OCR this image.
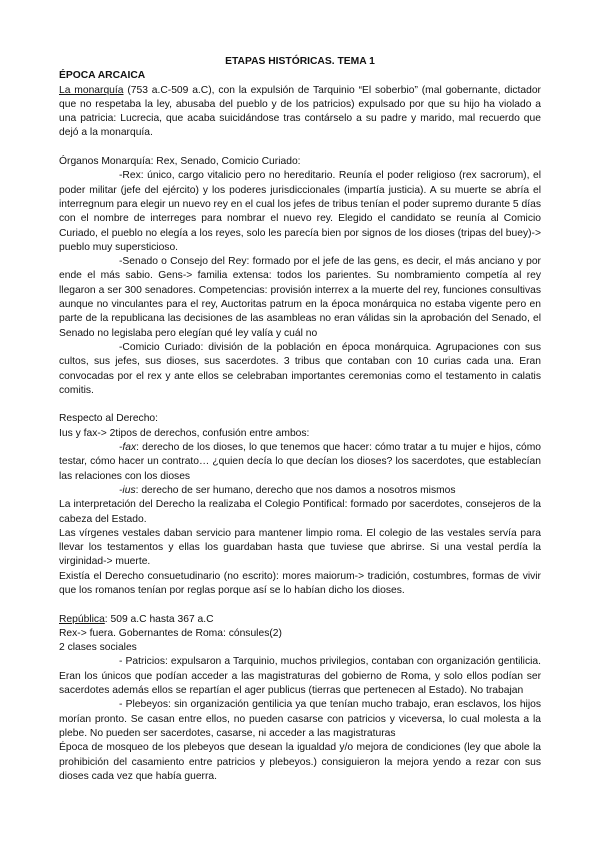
ETAPAS HISTÓRICAS. TEMA 1

ÉPOCA ARCAICA

La monarquía (753 a.C-509 a.C), con la expulsión de Tarquinio “El soberbio” (mal gobernante, dictador que no respetaba la ley, abusaba del pueblo y de los patricios) expulsado por que su hijo ha violado a una patricia: Lucrecia, que acaba suicidándose tras contárselo a su padre y marido, mal recuerdo que dejó a la monarquía.

Órganos Monarquía: Rex, Senado, Comicio Curiado:

-Rex: único, cargo vitalicio pero no hereditario. Reunía el poder religioso (rex sacrorum), el poder militar (jefe del ejército) y los poderes jurisdiccionales (impartía justicia). A su muerte se abría el interregnum para elegir un nuevo rey en el cual los jefes de tribus tenían el poder supremo durante 5 días con el nombre de interreges para nombrar el nuevo rey. Elegido el candidato se reunía al Comicio Curiado, el pueblo no elegía a los reyes, solo les parecía bien por signos de los dioses (tripas del buey)-> pueblo muy supersticioso.

-Senado o Consejo del Rey: formado por el jefe de las gens, es decir, el más anciano y por ende el más sabio. Gens-> familia extensa: todos los parientes. Su nombramiento competía al rey llegaron a ser 300 senadores. Competencias: provisión interrex a la muerte del rey, funciones consultivas aunque no vinculantes para el rey, Auctoritas patrum en la época monárquica no estaba vigente pero en parte de la republicana las decisiones de las asambleas no eran válidas sin la aprobación del Senado, el Senado no legislaba pero elegían qué ley valía y cuál no

-Comicio Curiado: división de la población en época monárquica. Agrupaciones con sus cultos, sus jefes, sus dioses, sus sacerdotes. 3 tribus que contaban con 10 curias cada una. Eran convocadas por el rex y ante ellos se celebraban importantes ceremonias como el testamento in calatis comitis.

Respecto al Derecho:

Ius y fax-> 2tipos de derechos, confusión entre ambos:

-fax: derecho de los dioses, lo que tenemos que hacer: cómo tratar a tu mujer e hijos, cómo testar, cómo hacer un contrato… ¿quien decía lo que decían los dioses? los sacerdotes, que establecían las relaciones con los dioses

-ius: derecho de ser humano, derecho que nos damos a nosotros mismos

La interpretación del Derecho la realizaba el Colegio Pontifical: formado por sacerdotes, consejeros de la cabeza del Estado.

Las vírgenes vestales daban servicio para mantener limpio roma. El colegio de las vestales servía para llevar los testamentos y ellas los guardaban hasta que tuviese que abrirse. Si una vestal perdía la virginidad-> muerte.

Existía el Derecho consuetudinario (no escrito): mores maiorum-> tradición, costumbres, formas de vivir que los romanos tenían por reglas porque así se lo habían dicho los dioses.

República: 509 a.C hasta 367 a.C

Rex-> fuera. Gobernantes de Roma: cónsules(2)

2 clases sociales

- Patricios: expulsaron a Tarquinio, muchos privilegios, contaban con organización gentilicia. Eran los únicos que podían acceder a las magistraturas del gobierno de Roma, y solo ellos podían ser sacerdotes además ellos se repartían el ager publicus (tierras que pertenecen al Estado). No trabajan

- Plebeyos: sin organización gentilicia ya que tenían mucho trabajo, eran esclavos, los hijos morían pronto. Se casan entre ellos, no pueden casarse con patricios y viceversa, lo cual molesta a la plebe. No pueden ser sacerdotes, casarse, ni acceder a las magistraturas

Época de mosqueo de los plebeyos que desean la igualdad y/o mejora de condiciones (ley que abole la prohibición del casamiento entre patricios y plebeyos.) consiguieron la mejora yendo a rezar con sus dioses cada vez que había guerra.
